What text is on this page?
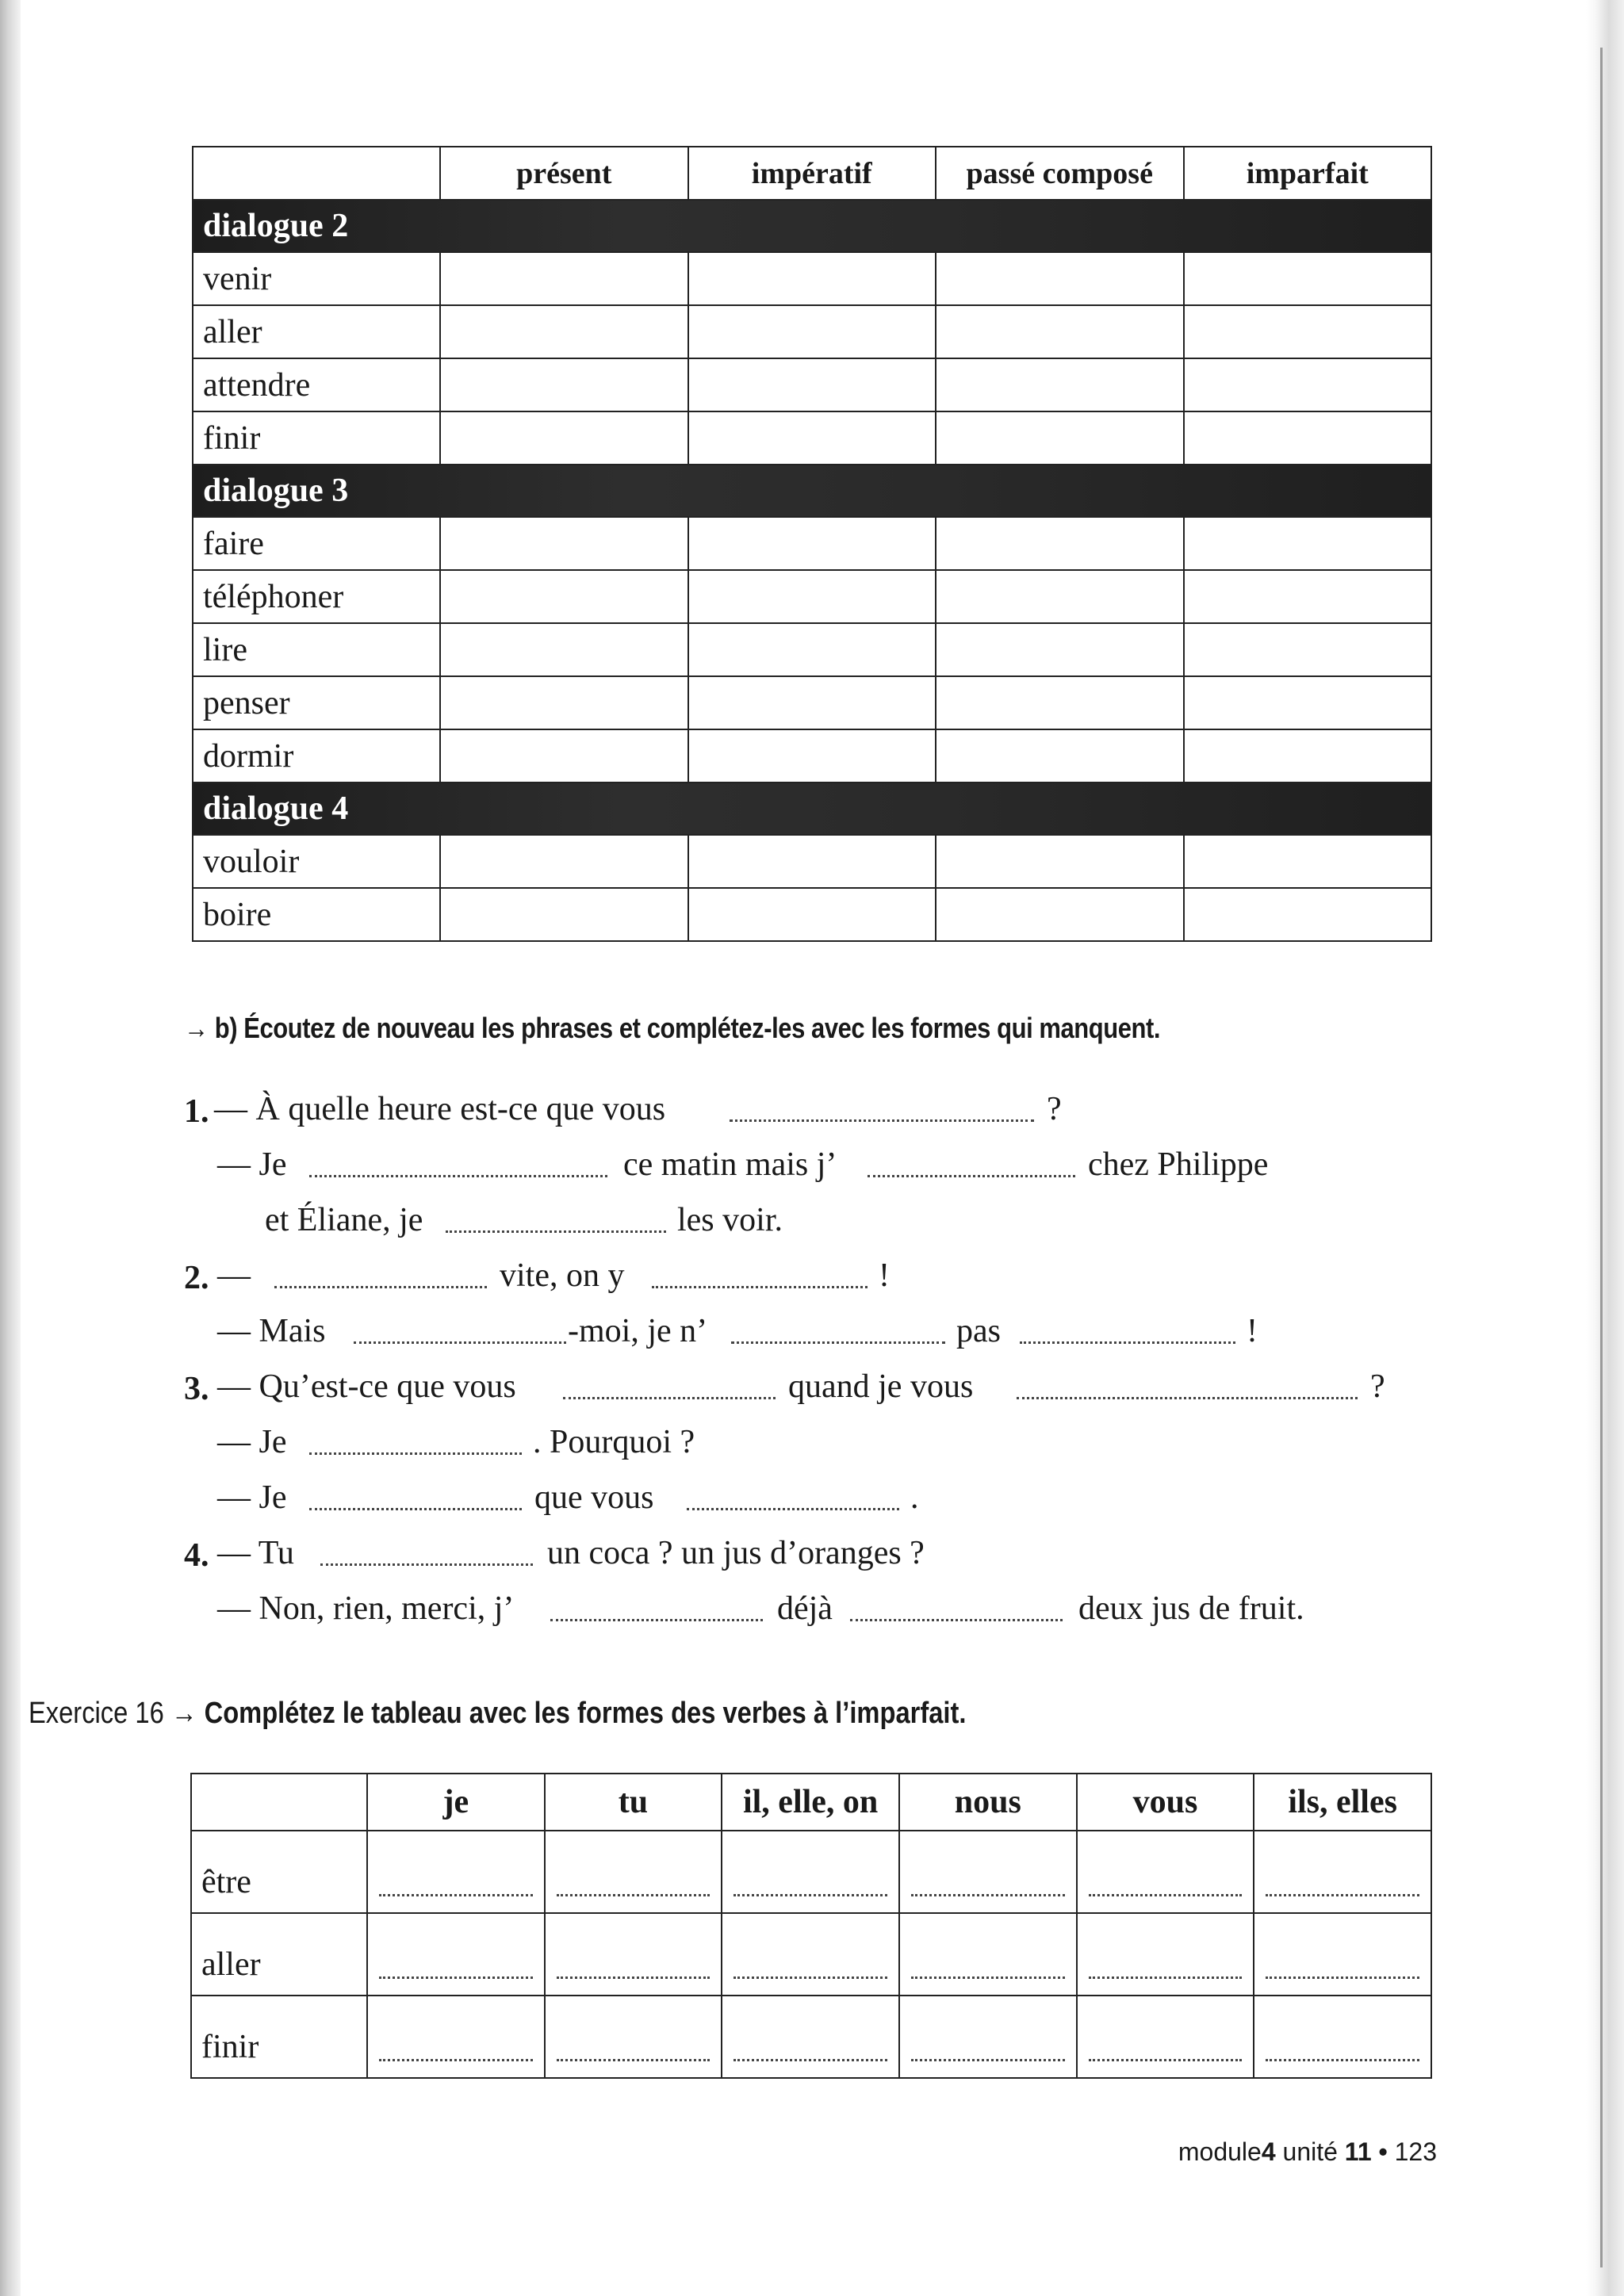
	présent	impératif	passé composé	imparfait
dialogue 2				
venir				
aller				
attendre				
finir				
dialogue 3				
faire				
téléphoner				
lire				
penser				
dormir				
dialogue 4				
vouloir				
boire				
→ b) Écoutez de nouveau les phrases et complétez-les avec les formes qui manquent.
1. — À quelle heure est-ce que vous	?
— Je	ce matin mais j’	chez Philippe
et Éliane, je	les voir.
2. —	vite, on y	!
— Mais	-moi, je n’	pas	!
3. — Qu’est-ce que vous	quand je vous	?
— Je	. Pourquoi ?
— Je	que vous	.
4. — Tu	un coca ? un jus d’oranges ?
— Non, rien, merci, j’	déjà	deux jus de fruit.
Exercice 16 → Complétez le tableau avec les formes des verbes à l’imparfait.
	je	tu	il, elle, on	nous	vous	ils, elles
être	

aller	

finir	

module4 unité 11 • 123
